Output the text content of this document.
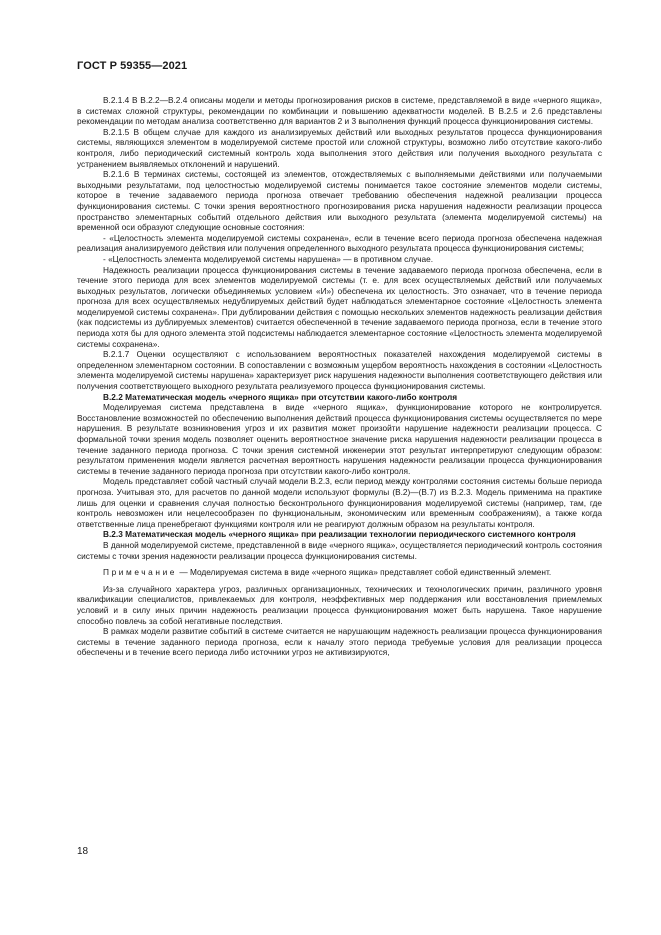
ГОСТ Р 59355—2021

В.2.1.4 В В.2.2—В.2.4 описаны модели и методы прогнозирования рисков в системе, представляемой в виде «черного ящика», в системах сложной структуры, рекомендации по комбинации и повышению адекватности моделей. В В.2.5 и 2.6 представлены рекомендации по методам анализа соответственно для вариантов 2 и 3 выполнения функций процесса функционирования системы.

В.2.1.5 В общем случае для каждого из анализируемых действий или выходных результатов процесса функционирования системы, являющихся элементом в моделируемой системе простой или сложной структуры, возможно либо отсутствие какого-либо контроля, либо периодический системный контроль хода выполнения этого действия или получения выходного результата с устранением выявляемых отклонений и нарушений.

В.2.1.6 В терминах системы, состоящей из элементов, отождествляемых с выполняемыми действиями или получаемыми выходными результатами, под целостностью моделируемой системы понимается такое состояние элементов модели системы, которое в течение задаваемого периода прогноза отвечает требованию обеспечения надежной реализации процесса функционирования системы. С точки зрения вероятностного прогнозирования риска нарушения надежности реализации процесса пространство элементарных событий отдельного действия или выходного результата (элемента моделируемой системы) на временной оси образуют следующие основные состояния:

- «Целостность элемента моделируемой системы сохранена», если в течение всего периода прогноза обеспечена надежная реализация анализируемого действия или получения определенного выходного результата процесса функционирования системы;

- «Целостность элемента моделируемой системы нарушена» — в противном случае.

Надежность реализации процесса функционирования системы в течение задаваемого периода прогноза обеспечена, если в течение этого периода для всех элементов моделируемой системы (т. е. для всех осуществляемых действий или получаемых выходных результатов, логически объединяемых условием «И») обеспечена их целостность. Это означает, что в течение периода прогноза для всех осуществляемых недублируемых действий будет наблюдаться элементарное состояние «Целостность элемента моделируемой системы сохранена». При дублировании действия с помощью нескольких элементов надежность реализации действия (как подсистемы из дублируемых элементов) считается обеспеченной в течение задаваемого периода прогноза, если в течение этого периода хотя бы для одного элемента этой подсистемы наблюдается элементарное состояние «Целостность элемента моделируемой системы сохранена».

В.2.1.7 Оценки осуществляют с использованием вероятностных показателей нахождения моделируемой системы в определенном элементарном состоянии. В сопоставлении с возможным ущербом вероятность нахождения в состоянии «Целостность элемента моделируемой системы нарушена» характеризует риск нарушения надежности выполнения соответствующего действия или получения соответствующего выходного результата реализуемого процесса функционирования системы.

В.2.2 Математическая модель «черного ящика» при отсутствии какого-либо контроля

Моделируемая система представлена в виде «черного ящика», функционирование которого не контролируется. Восстановление возможностей по обеспечению выполнения действий процесса функционирования системы осуществляется по мере нарушения. В результате возникновения угроз и их развития может произойти нарушение надежности реализации процесса. С формальной точки зрения модель позволяет оценить вероятностное значение риска нарушения надежности реализации процесса в течение заданного периода прогноза. С точки зрения системной инженерии этот результат интерпретируют следующим образом: результатом применения модели является расчетная вероятность нарушения надежности реализации процесса функционирования системы в течение заданного периода прогноза при отсутствии какого-либо контроля.

Модель представляет собой частный случай модели В.2.3, если период между контролями состояния системы больше периода прогноза. Учитывая это, для расчетов по данной модели используют формулы (В.2)—(В.7) из В.2.3. Модель применима на практике лишь для оценки и сравнения случая полностью бесконтрольного функционирования моделируемой системы (например, там, где контроль невозможен или нецелесообразен по функциональным, экономическим или временным соображениям), а также когда ответственные лица пренебрегают функциями контроля или не реагируют должным образом на результаты контроля.

В.2.3 Математическая модель «черного ящика» при реализации технологии периодического системного контроля

В данной моделируемой системе, представленной в виде «черного ящика», осуществляется периодический контроль состояния системы с точки зрения надежности реализации процесса функционирования системы.

Примечание — Моделируемая система в виде «черного ящика» представляет собой единственный элемент.

Из-за случайного характера угроз, различных организационных, технических и технологических причин, различного уровня квалификации специалистов, привлекаемых для контроля, неэффективных мер поддержания или восстановления приемлемых условий и в силу иных причин надежность реализации процесса функционирования может быть нарушена. Такое нарушение способно повлечь за собой негативные последствия.

В рамках модели развитие событий в системе считается не нарушающим надежность реализации процесса функционирования системы в течение заданного периода прогноза, если к началу этого периода требуемые условия для реализации процесса обеспечены и в течение всего периода либо источники угроз не активизируются,

18
